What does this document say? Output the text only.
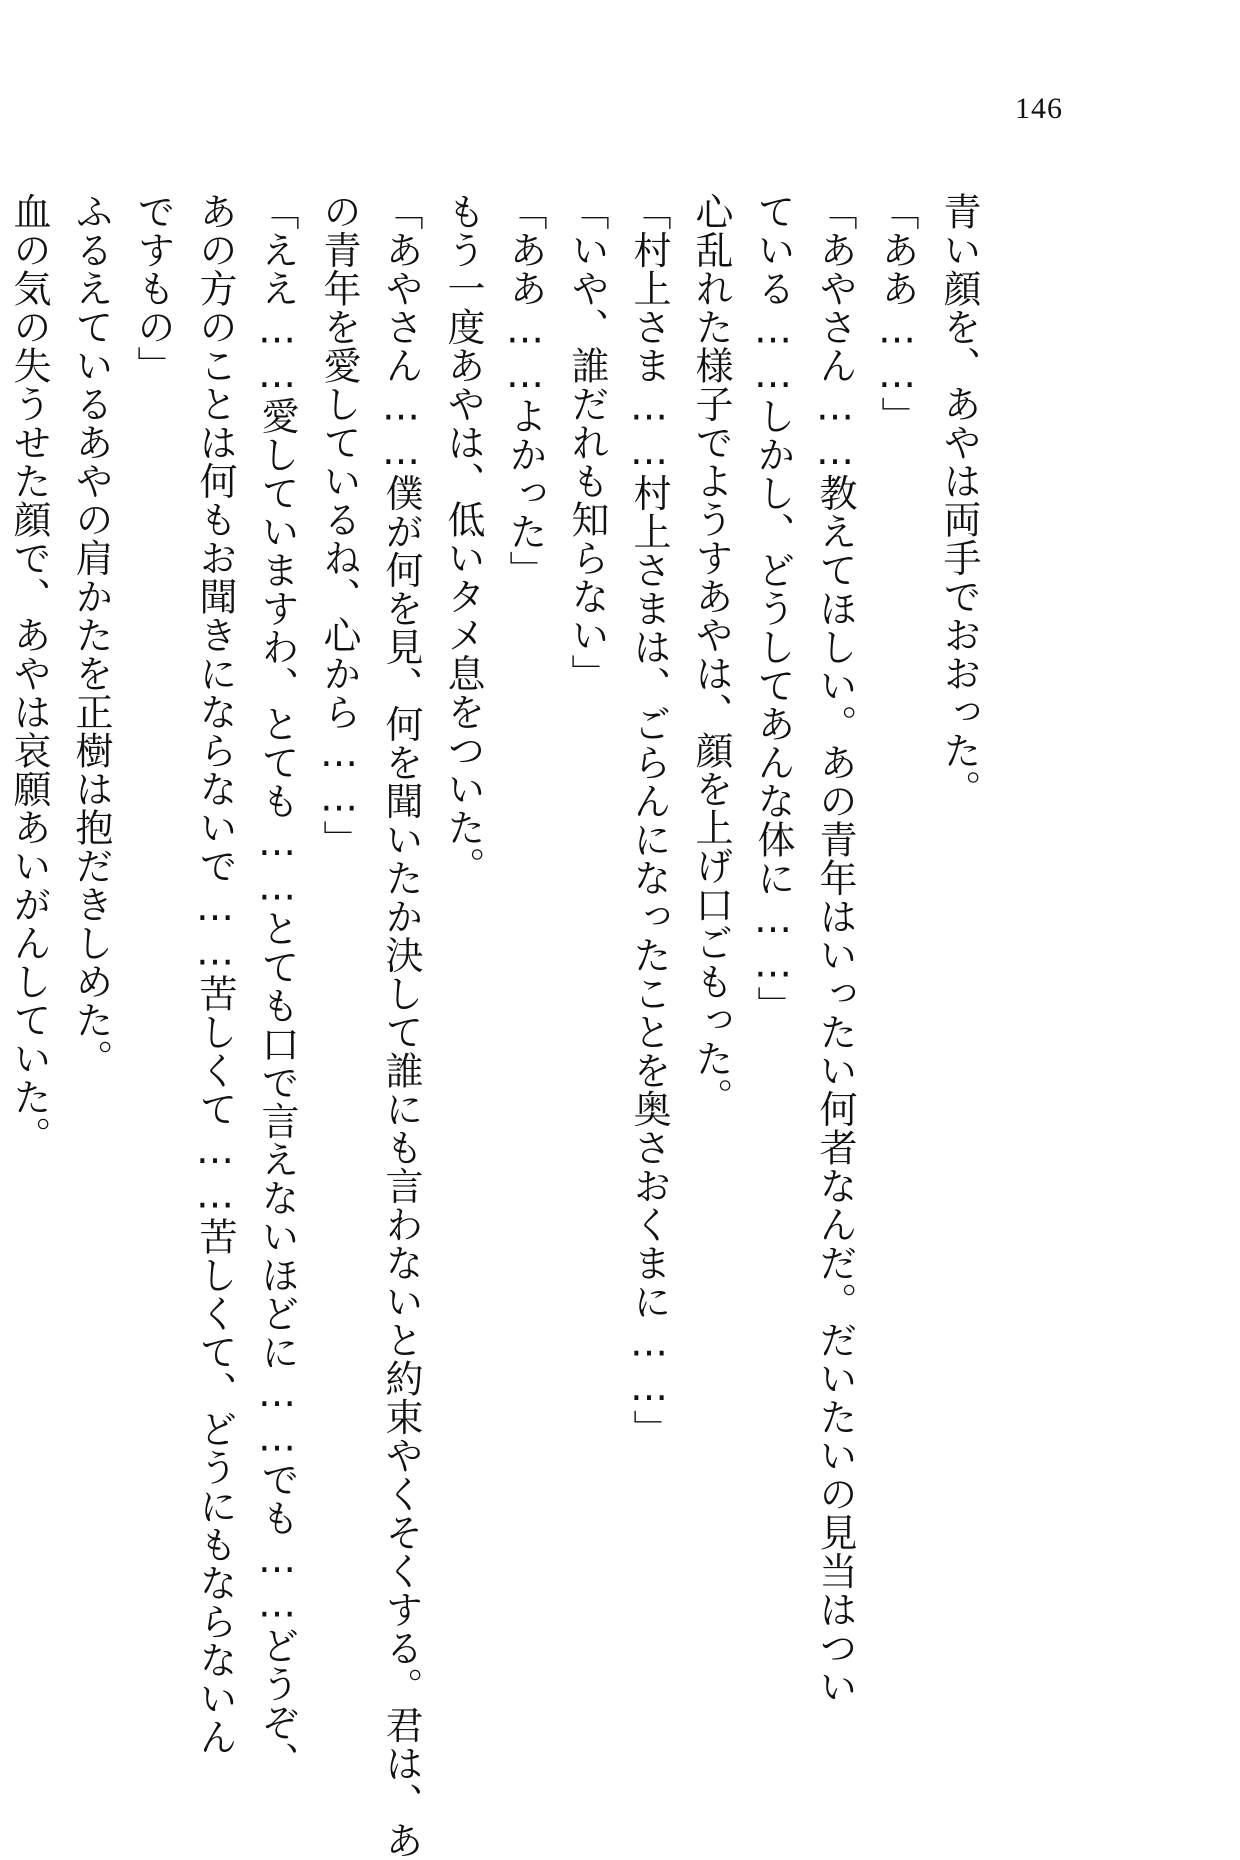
146

青い顔を、あやは両手でおおった。

「ああ……」

「あやさん……教えてほしい。あの青年はいったい何者なんだ。だいたいの見当はつい

ている……しかし、どうしてあんな体に……」

心乱れた様子でようすあやは、顔を上げ口ごもった。

「村上さま……村上さまは、ごらんになったことを奥さおくまに……」

「いや、誰だれも知らない」

「ああ……よかった」

もう一度あやは、低いタメ息をついた。

「あやさん……僕が何を見、何を聞いたか決して誰にも言わないと約束やくそくする。君は、あ

の青年を愛しているね、心から……」

「ええ……愛していますわ、とても……とても口で言えないほどに……でも……どうぞ、

あの方のことは何もお聞きにならないで……苦しくて……苦しくて、どうにもならないん

ですもの」

ふるえているあやの肩かたを正樹は抱だきしめた。

血の気の失うせた顔で、あやは哀願あいがんしていた。
